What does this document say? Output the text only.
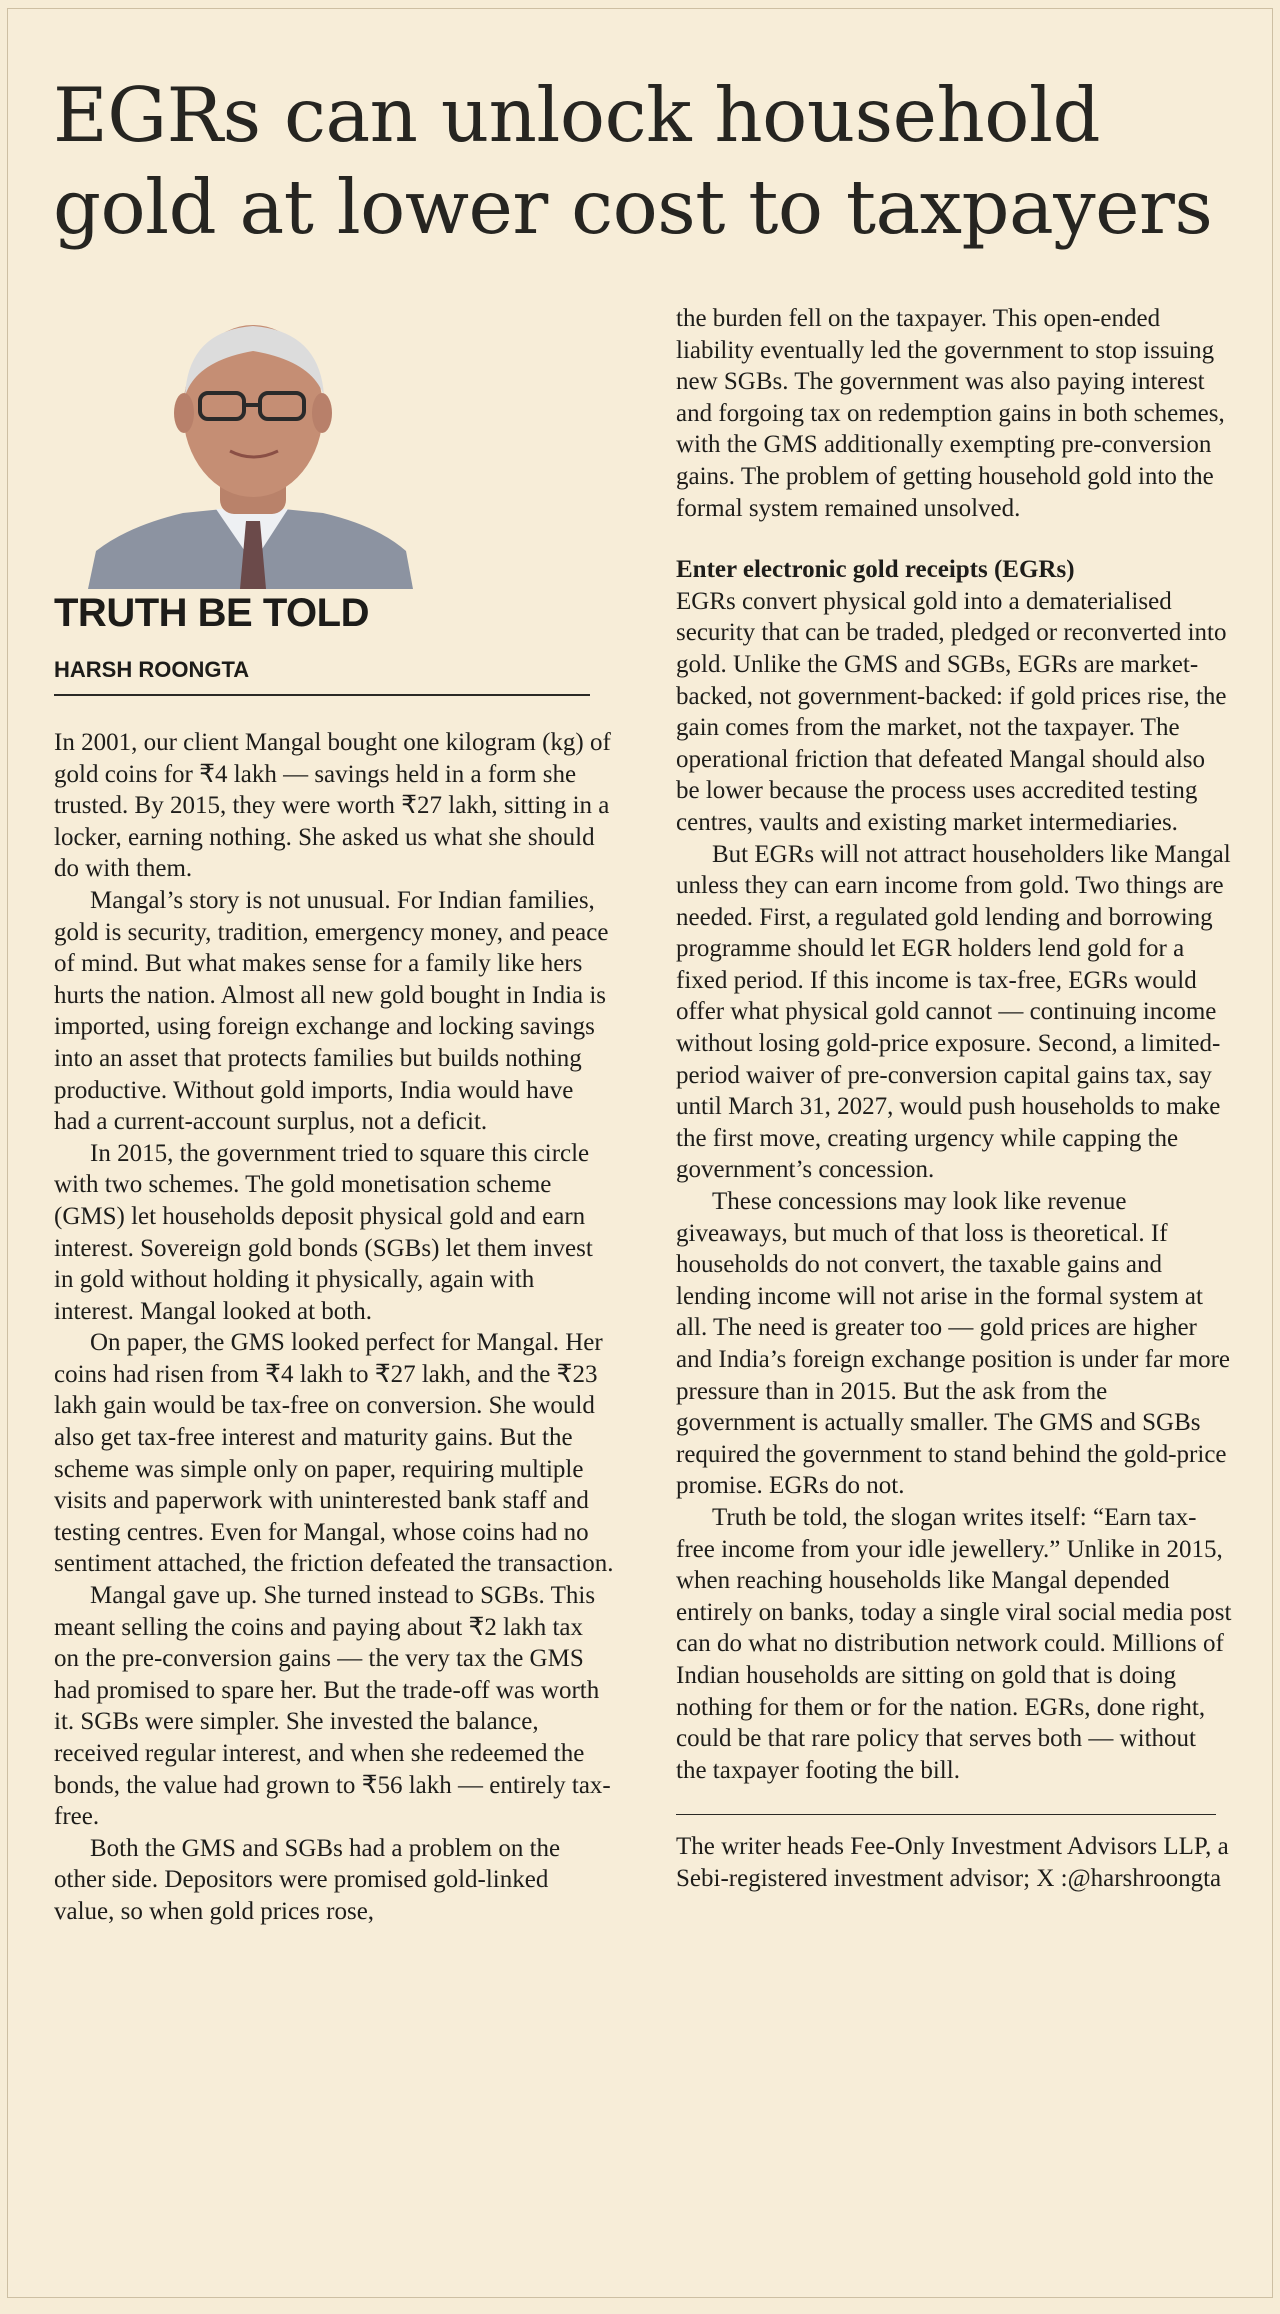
EGRs can unlock household gold at lower cost to taxpayers
TRUTH BE TOLD
HARSH ROONGTA

In 2001, our client Mangal bought one kilogram (kg) of gold coins for ₹4 lakh — savings held in a form she trusted. By 2015, they were worth ₹27 lakh, sitting in a locker, earning nothing. She asked us what she should do with them.

Mangal’s story is not unusual. For Indian families, gold is security, tradition, emergency money, and peace of mind. But what makes sense for a family like hers hurts the nation. Almost all new gold bought in India is imported, using foreign exchange and locking savings into an asset that protects families but builds nothing productive. Without gold imports, India would have had a current-account surplus, not a deficit.

In 2015, the government tried to square this circle with two schemes. The gold monetisation scheme (GMS) let households deposit physical gold and earn interest. Sovereign gold bonds (SGBs) let them invest in gold without holding it physically, again with interest. Mangal looked at both.

On paper, the GMS looked perfect for Mangal. Her coins had risen from ₹4 lakh to ₹27 lakh, and the ₹23 lakh gain would be tax-free on conversion. She would also get tax-free interest and maturity gains. But the scheme was simple only on paper, requiring multiple visits and paperwork with uninterested bank staff and testing centres. Even for Mangal, whose coins had no sentiment attached, the friction defeated the transaction.

Mangal gave up. She turned instead to SGBs. This meant selling the coins and paying about ₹2 lakh tax on the pre-conversion gains — the very tax the GMS had promised to spare her. But the trade-off was worth it. SGBs were simpler. She invested the balance, received regular interest, and when she redeemed the bonds, the value had grown to ₹56 lakh — entirely tax-free.

Both the GMS and SGBs had a problem on the other side. Depositors were promised gold-linked value, so when gold prices rose,

the burden fell on the taxpayer. This open-ended liability eventually led the government to stop issuing new SGBs. The government was also paying interest and forgoing tax on redemption gains in both schemes, with the GMS additionally exempting pre-conversion gains. The problem of getting household gold into the formal system remained unsolved.

Enter electronic gold receipts (EGRs)

EGRs convert physical gold into a dematerialised security that can be traded, pledged or reconverted into gold. Unlike the GMS and SGBs, EGRs are market-backed, not government-backed: if gold prices rise, the gain comes from the market, not the taxpayer. The operational friction that defeated Mangal should also be lower because the process uses accredited testing centres, vaults and existing market intermediaries.

But EGRs will not attract householders like Mangal unless they can earn income from gold. Two things are needed. First, a regulated gold lending and borrowing programme should let EGR holders lend gold for a fixed period. If this income is tax-free, EGRs would offer what physical gold cannot — continuing income without losing gold-price exposure. Second, a limited-period waiver of pre-conversion capital gains tax, say until March 31, 2027, would push households to make the first move, creating urgency while capping the government’s concession.

These concessions may look like revenue giveaways, but much of that loss is theoretical. If households do not convert, the taxable gains and lending income will not arise in the formal system at all. The need is greater too — gold prices are higher and India’s foreign exchange position is under far more pressure than in 2015. But the ask from the government is actually smaller. The GMS and SGBs required the government to stand behind the gold-price promise. EGRs do not.

Truth be told, the slogan writes itself: “Earn tax-free income from your idle jewellery.” Unlike in 2015, when reaching households like Mangal depended entirely on banks, today a single viral social media post can do what no distribution network could. Millions of Indian households are sitting on gold that is doing nothing for them or for the nation. EGRs, done right, could be that rare policy that serves both — without the taxpayer footing the bill.

The writer heads Fee-Only Investment Advisors LLP, a Sebi-registered investment advisor; X :@harshroongta
